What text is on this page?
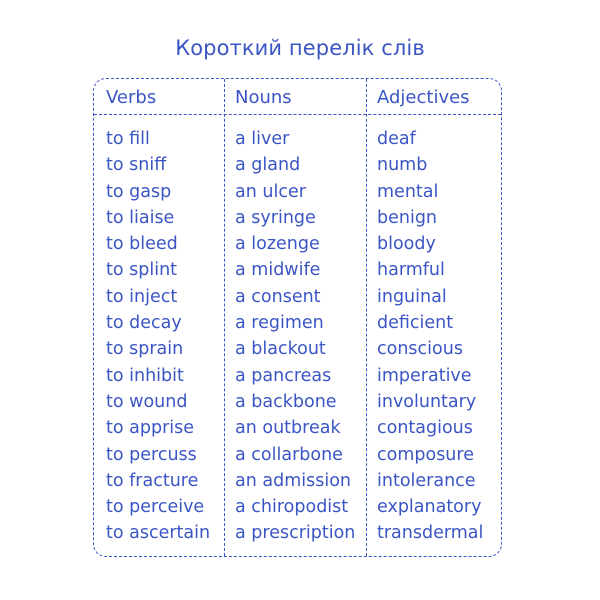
Короткий перелік слів
Verbs
to fill
to sniff
to gasp
to liaise
to bleed
to splint
to inject
to decay
to sprain
to inhibit
to wound
to apprise
to percuss
to fracture
to perceive
to ascertain
Nouns
a liver
a gland
an ulcer
a syringe
a lozenge
a midwife
a consent
a regimen
a blackout
a pancreas
a backbone
an outbreak
a collarbone
an admission
a chiropodist
a prescription
Adjectives
deaf
numb
mental
benign
bloody
harmful
inguinal
deficient
conscious
imperative
involuntary
contagious
composure
intolerance
explanatory
transdermal
